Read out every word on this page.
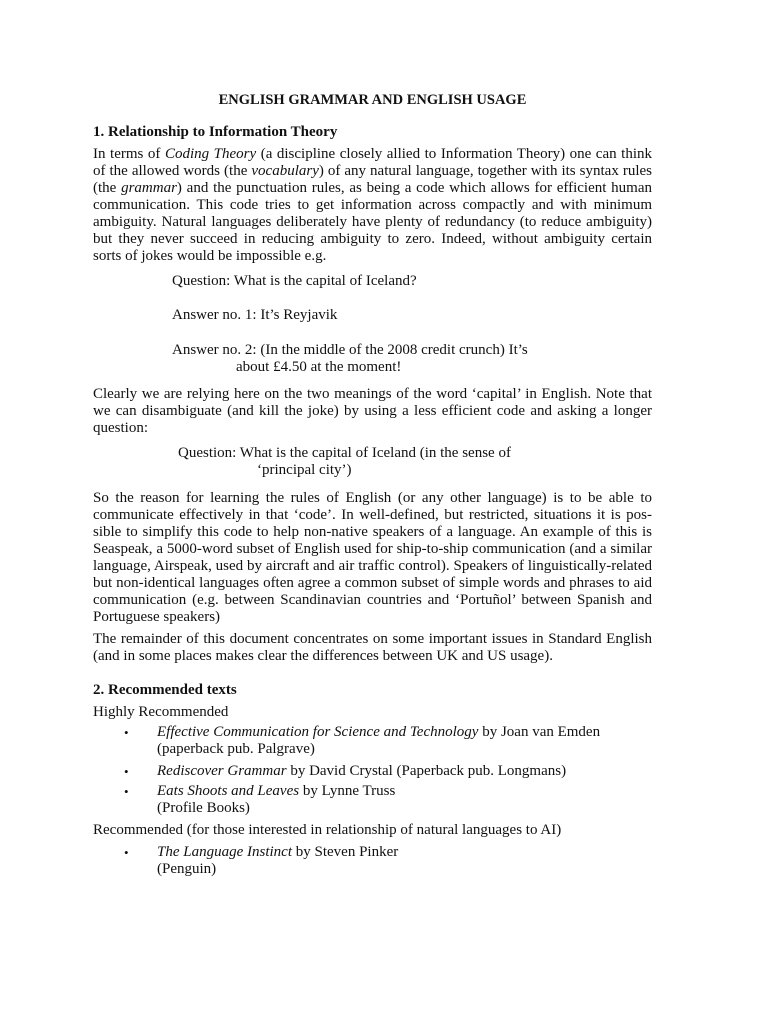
ENGLISH GRAMMAR AND ENGLISH USAGE
1. Relationship to Information Theory
In terms of Coding Theory (a discipline closely allied to Information Theory) one can think of the allowed words (the vocabulary) of any natural language, together with its syntax rules (the grammar) and the punctuation rules, as being a code which allows for efficient human communication. This code tries to get information across compactly and with minimum ambiguity. Natural languages deliberately have plenty of redundancy (to reduce ambiguity) but they never succeed in reducing ambiguity to zero. Indeed, without ambiguity certain sorts of jokes would be impossible e.g.
Question: What is the capital of Iceland?
Answer no. 1: It’s Reyjavik
Answer no. 2: (In the middle of the 2008 credit crunch) It’s
about £4.50 at the moment!
Clearly we are relying here on the two meanings of the word ‘capital’ in English. Note that we can disambiguate (and kill the joke) by using a less efficient code and asking a longer question:
Question: What is the capital of Iceland (in the sense of
‘principal city’)
So the reason for learning the rules of English (or any other language) is to be able to communicate effectively in that ‘code’. In well-defined, but restricted, situations it is pos-sible to simplify this code to help non-native speakers of a language. An example of this is Seaspeak, a 5000-word subset of English used for ship-to-ship communication (and a similar language, Airspeak, used by aircraft and air traffic control). Speakers of linguistically-related but non-identical languages often agree a common subset of simple words and phrases to aid communication (e.g. between Scandinavian countries and ‘Portuñol’ between Spanish and Portuguese speakers)
The remainder of this document concentrates on some important issues in Standard English (and in some places makes clear the differences between UK and US usage).
2. Recommended texts
Highly Recommended
• Effective Communication for Science and Technology by Joan van Emden
(paperback pub. Palgrave)
• Rediscover Grammar by David Crystal (Paperback pub. Longmans)
• Eats Shoots and Leaves by Lynne Truss
(Profile Books)
Recommended (for those interested in relationship of natural languages to AI)
• The Language Instinct by Steven Pinker
(Penguin)
